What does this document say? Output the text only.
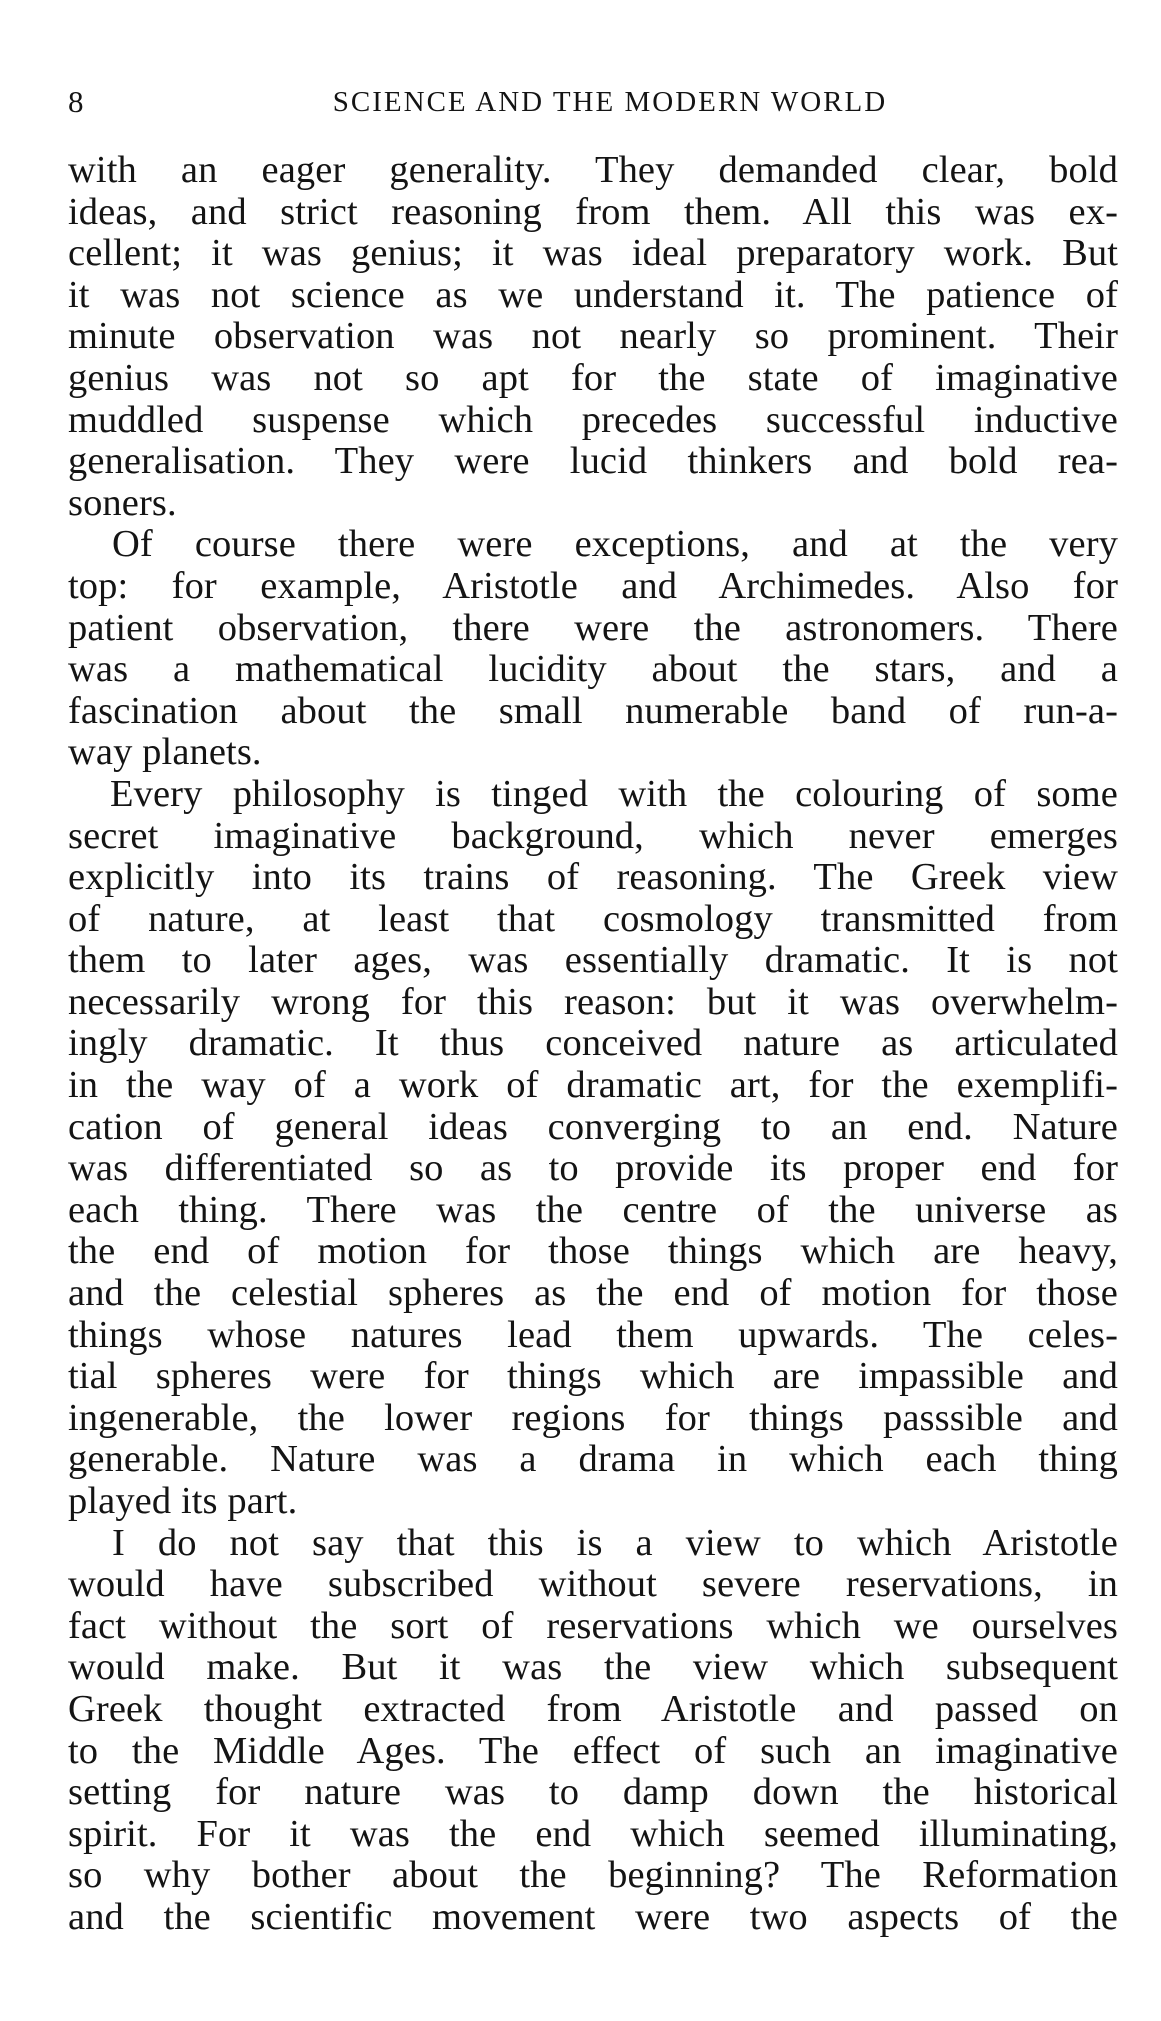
8	SCIENCE AND THE MODERN WORLD
with an eager generality. They demanded clear, bold
ideas, and strict reasoning from them. All this was ex-
cellent; it was genius; it was ideal preparatory work. But
it was not science as we understand it. The patience of
minute observation was not nearly so prominent. Their
genius was not so apt for the state of imaginative
muddled suspense which precedes successful inductive
generalisation. They were lucid thinkers and bold rea-
soners.
Of course there were exceptions, and at the very
top: for example, Aristotle and Archimedes. Also for
patient observation, there were the astronomers. There
was a mathematical lucidity about the stars, and a
fascination about the small numerable band of run-a-
way planets.
Every philosophy is tinged with the colouring of some
secret imaginative background, which never emerges
explicitly into its trains of reasoning. The Greek view
of nature, at least that cosmology transmitted from
them to later ages, was essentially dramatic. It is not
necessarily wrong for this reason: but it was overwhelm-
ingly dramatic. It thus conceived nature as articulated
in the way of a work of dramatic art, for the exemplifi-
cation of general ideas converging to an end. Nature
was differentiated so as to provide its proper end for
each thing. There was the centre of the universe as
the end of motion for those things which are heavy,
and the celestial spheres as the end of motion for those
things whose natures lead them upwards. The celes-
tial spheres were for things which are impassible and
ingenerable, the lower regions for things passsible and
generable. Nature was a drama in which each thing
played its part.
I do not say that this is a view to which Aristotle
would have subscribed without severe reservations, in
fact without the sort of reservations which we ourselves
would make. But it was the view which subsequent
Greek thought extracted from Aristotle and passed on
to the Middle Ages. The effect of such an imaginative
setting for nature was to damp down the historical
spirit. For it was the end which seemed illuminating,
so why bother about the beginning? The Reformation
and the scientific movement were two aspects of the
